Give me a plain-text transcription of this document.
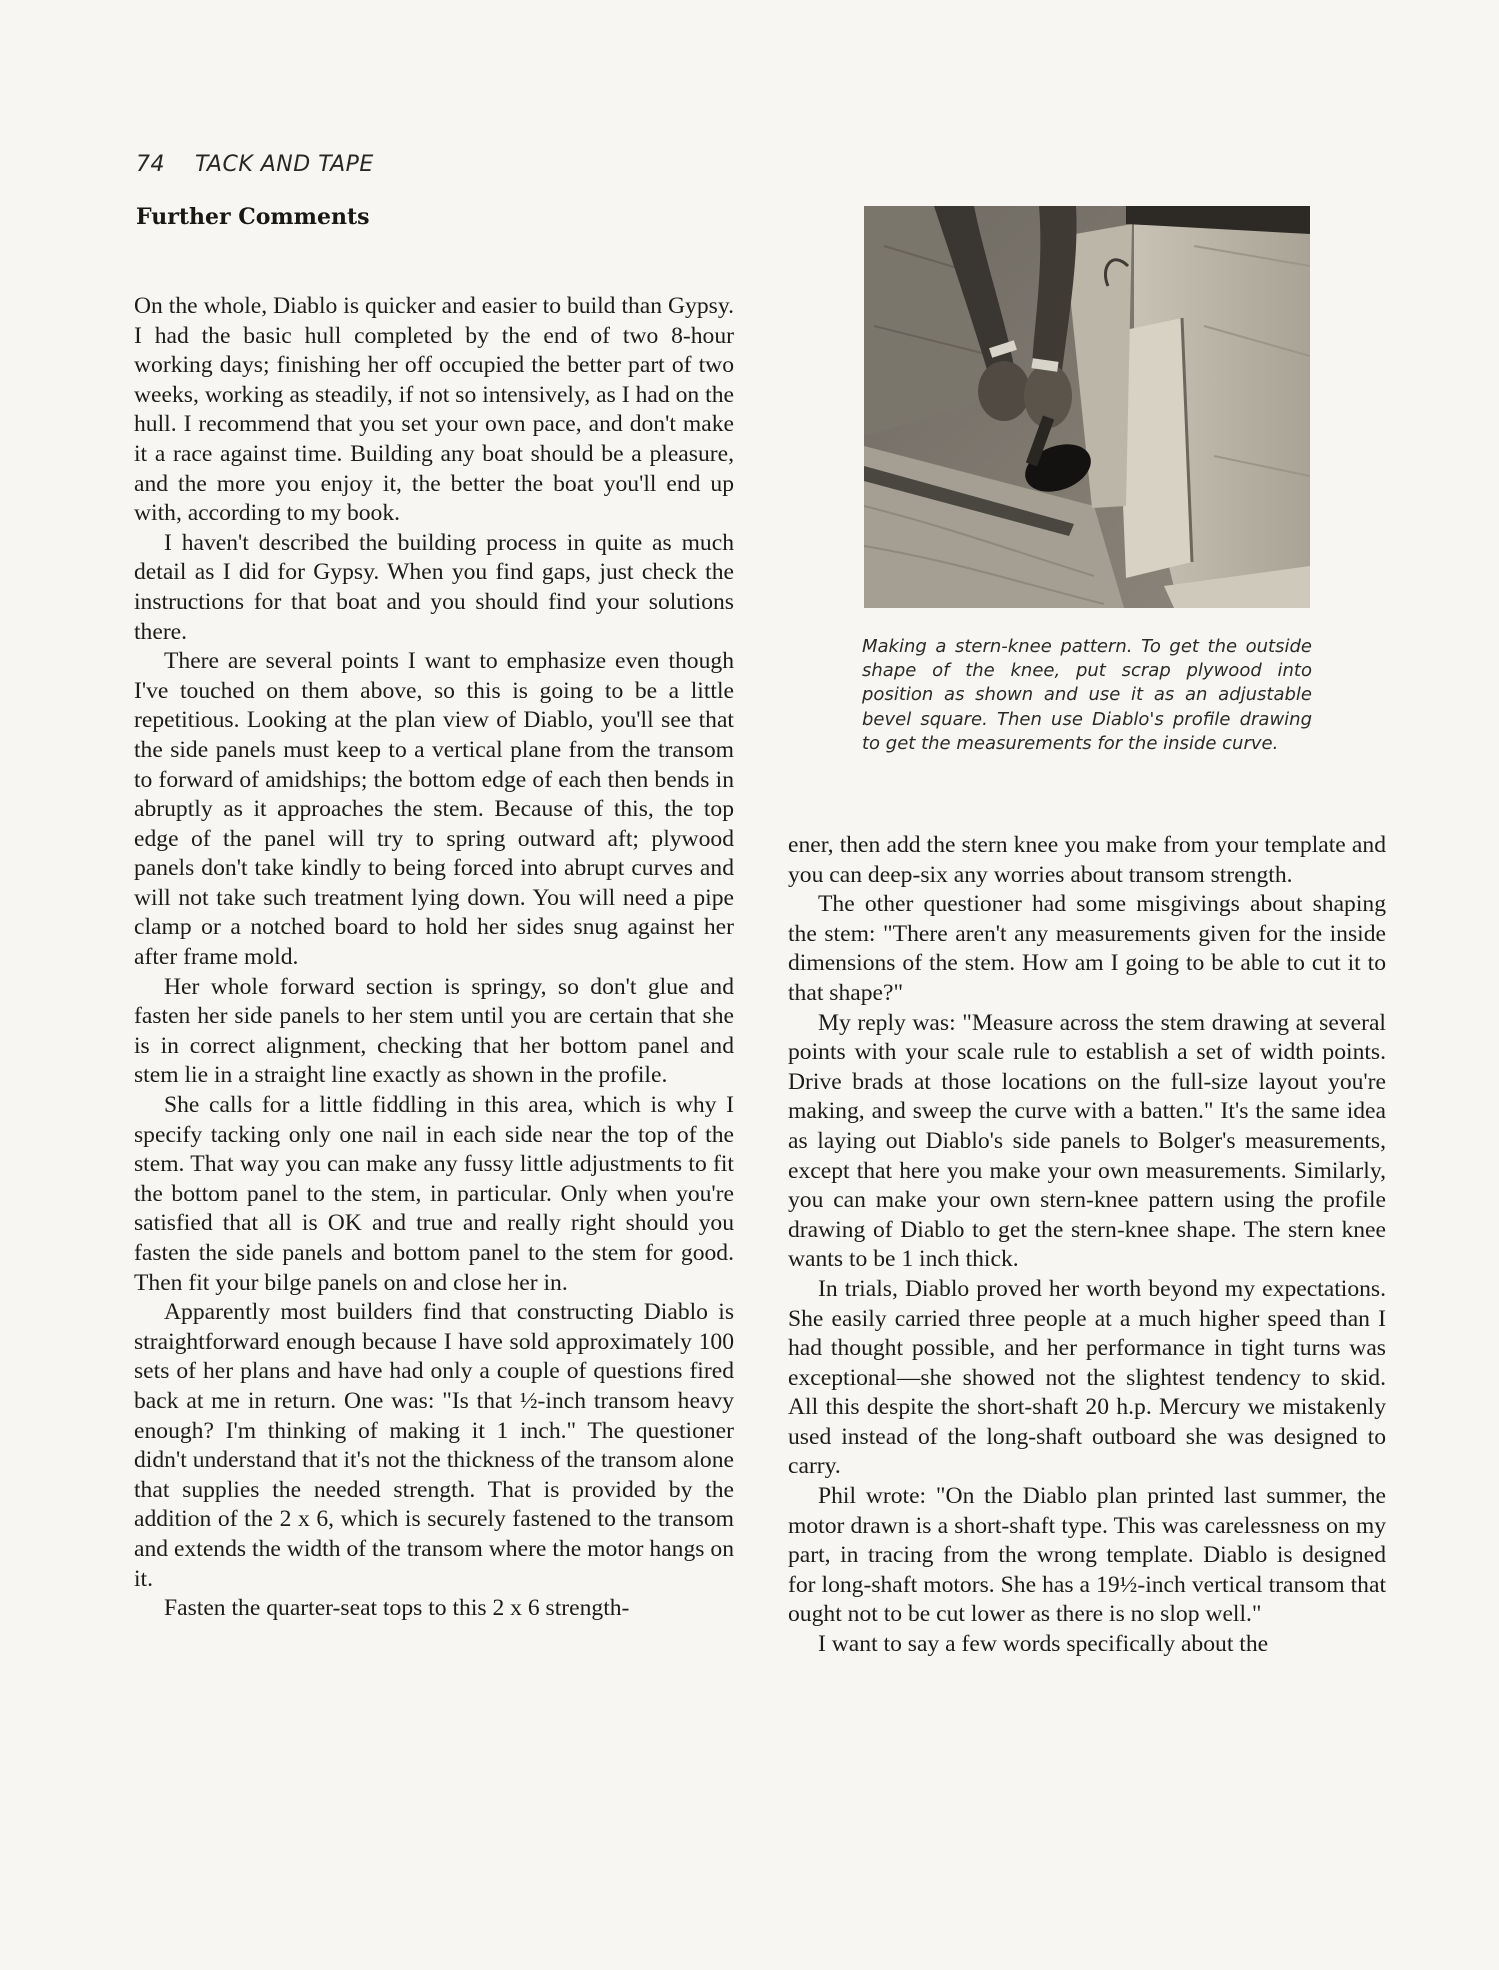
74 TACK AND TAPE
Further Comments

On the whole, Diablo is quicker and easier to build than Gypsy. I had the basic hull completed by the end of two 8-hour working days; finishing her off occupied the better part of two weeks, working as steadily, if not so intensively, as I had on the hull. I recommend that you set your own pace, and don't make it a race against time. Building any boat should be a pleasure, and the more you enjoy it, the better the boat you'll end up with, according to my book.

I haven't described the building process in quite as much detail as I did for Gypsy. When you find gaps, just check the instructions for that boat and you should find your solutions there.

There are several points I want to emphasize even though I've touched on them above, so this is going to be a little repetitious. Looking at the plan view of Diablo, you'll see that the side panels must keep to a vertical plane from the transom to forward of amidships; the bottom edge of each then bends in abruptly as it approaches the stem. Because of this, the top edge of the panel will try to spring outward aft; plywood panels don't take kindly to being forced into abrupt curves and will not take such treatment lying down. You will need a pipe clamp or a notched board to hold her sides snug against her after frame mold.

Her whole forward section is springy, so don't glue and fasten her side panels to her stem until you are certain that she is in correct alignment, checking that her bottom panel and stem lie in a straight line exactly as shown in the profile.

She calls for a little fiddling in this area, which is why I specify tacking only one nail in each side near the top of the stem. That way you can make any fussy little adjustments to fit the bottom panel to the stem, in particular. Only when you're satisfied that all is OK and true and really right should you fasten the side panels and bottom panel to the stem for good. Then fit your bilge panels on and close her in.

Apparently most builders find that constructing Diablo is straightforward enough because I have sold approximately 100 sets of her plans and have had only a couple of questions fired back at me in return. One was: "Is that ½-inch transom heavy enough? I'm thinking of making it 1 inch." The questioner didn't understand that it's not the thickness of the transom alone that supplies the needed strength. That is provided by the addition of the 2 x 6, which is securely fastened to the transom and extends the width of the transom where the motor hangs on it.

Fasten the quarter-seat tops to this 2 x 6 strength-

Making a stern-knee pattern. To get the outside shape of the knee, put scrap plywood into position as shown and use it as an adjustable bevel square. Then use Diablo's profile drawing to get the measurements for the inside curve.

ener, then add the stern knee you make from your template and you can deep-six any worries about transom strength.

The other questioner had some misgivings about shaping the stem: "There aren't any measurements given for the inside dimensions of the stem. How am I going to be able to cut it to that shape?"

My reply was: "Measure across the stem drawing at several points with your scale rule to establish a set of width points. Drive brads at those locations on the full-size layout you're making, and sweep the curve with a batten." It's the same idea as laying out Diablo's side panels to Bolger's measurements, except that here you make your own measurements. Similarly, you can make your own stern-knee pattern using the profile drawing of Diablo to get the stern-knee shape. The stern knee wants to be 1 inch thick.

In trials, Diablo proved her worth beyond my expectations. She easily carried three people at a much higher speed than I had thought possible, and her performance in tight turns was exceptional—she showed not the slightest tendency to skid. All this despite the short-shaft 20 h.p. Mercury we mistakenly used instead of the long-shaft outboard she was designed to carry.

Phil wrote: "On the Diablo plan printed last summer, the motor drawn is a short-shaft type. This was carelessness on my part, in tracing from the wrong template. Diablo is designed for long-shaft motors. She has a 19½-inch vertical transom that ought not to be cut lower as there is no slop well."

I want to say a few words specifically about the
